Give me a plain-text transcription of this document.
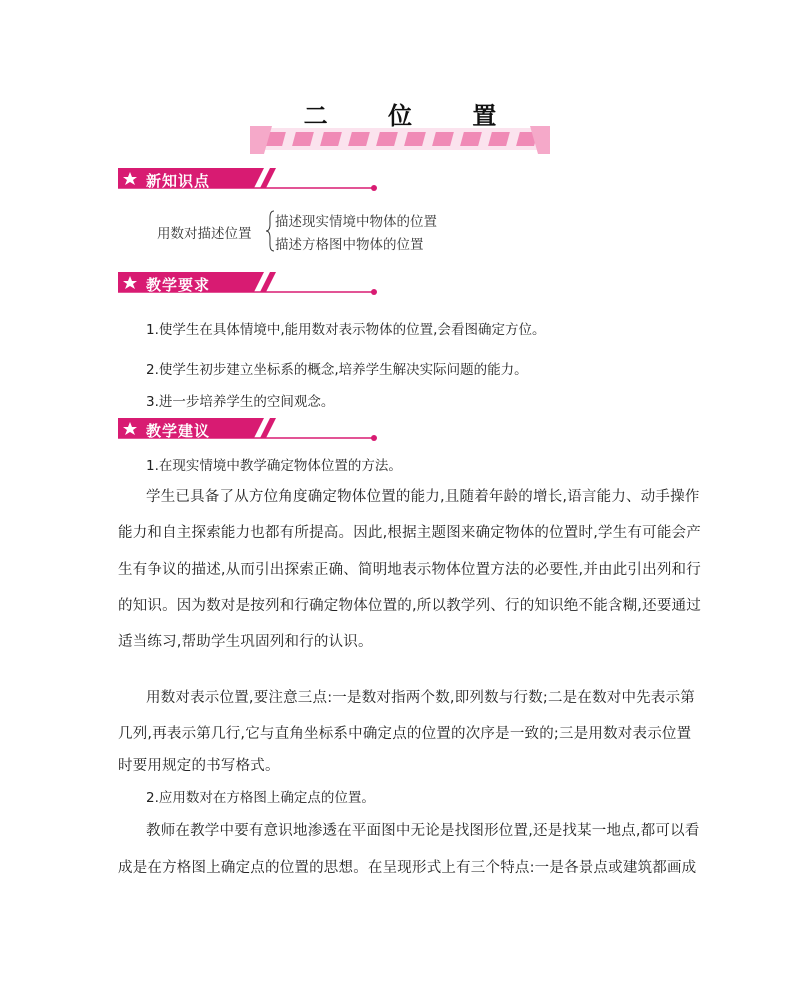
二 位 置
新知识点
用数对描述位置
描述现实情境中物体的位置
描述方格图中物体的位置
教学要求
1.使学生在具体情境中,能用数对表示物体的位置,会看图确定方位。
2.使学生初步建立坐标系的概念,培养学生解决实际问题的能力。
3.进一步培养学生的空间观念。
教学建议
1.在现实情境中教学确定物体位置的方法。
学生已具备了从方位角度确定物体位置的能力,且随着年龄的增长,语言能力、动手操作
能力和自主探索能力也都有所提高。因此,根据主题图来确定物体的位置时,学生有可能会产
生有争议的描述,从而引出探索正确、简明地表示物体位置方法的必要性,并由此引出列和行
的知识。因为数对是按列和行确定物体位置的,所以教学列、行的知识绝不能含糊,还要通过
适当练习,帮助学生巩固列和行的认识。
用数对表示位置,要注意三点:一是数对指两个数,即列数与行数;二是在数对中先表示第
几列,再表示第几行,它与直角坐标系中确定点的位置的次序是一致的;三是用数对表示位置
时要用规定的书写格式。
2.应用数对在方格图上确定点的位置。
教师在教学中要有意识地渗透在平面图中无论是找图形位置,还是找某一地点,都可以看
成是在方格图上确定点的位置的思想。在呈现形式上有三个特点:一是各景点或建筑都画成
